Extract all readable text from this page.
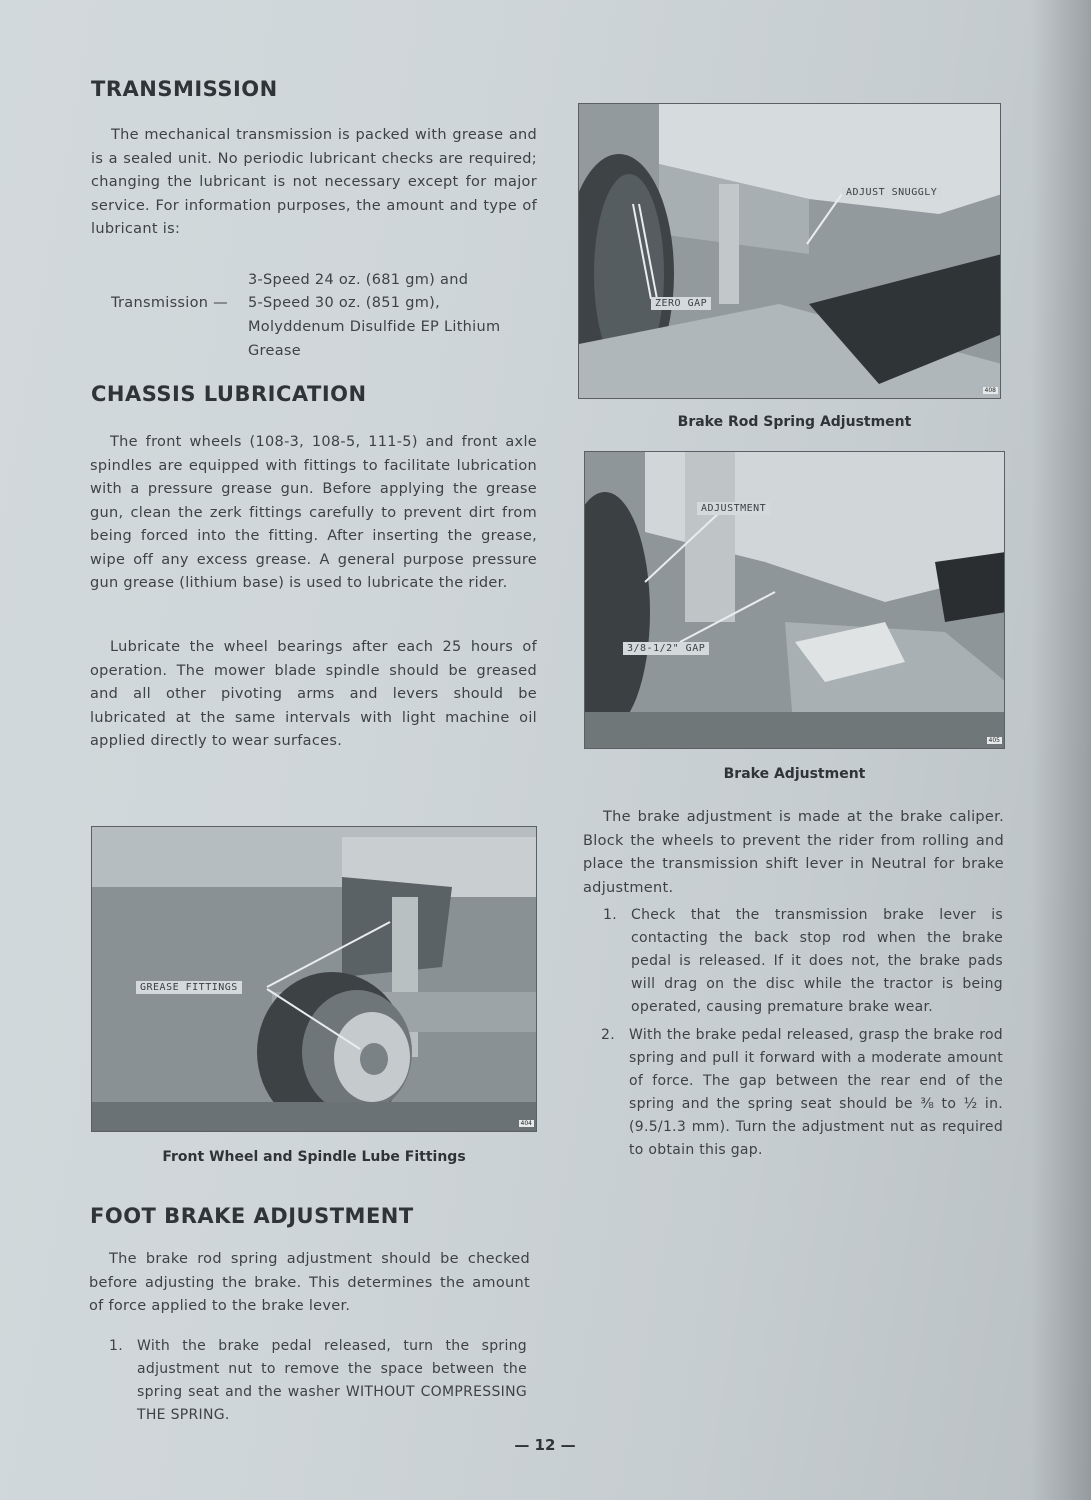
TRANSMISSION
The mechanical transmission is packed with grease and is a sealed unit. No periodic lubricant checks are required; changing the lubricant is not necessary except for major service. For information purposes, the amount and type of lubricant is:
Transmission —
3-Speed 24 oz. (681 gm) and
5-Speed 30 oz. (851 gm), Molyddenum Disulfide EP Lithium Grease
CHASSIS LUBRICATION
The front wheels (108-3, 108-5, 111-5) and front axle spindles are equipped with fittings to facilitate lubrication with a pressure grease gun. Before applying the grease gun, clean the zerk fittings carefully to prevent dirt from being forced into the fitting. After inserting the grease, wipe off any excess grease. A general purpose pressure gun grease (lithium base) is used to lubricate the rider.
Lubricate the wheel bearings after each 25 hours of operation. The mower blade spindle should be greased and all other pivoting arms and levers should be lubricated at the same intervals with light machine oil applied directly to wear surfaces.
GREASE FITTINGS
404
Front Wheel and Spindle Lube Fittings
FOOT BRAKE ADJUSTMENT
The brake rod spring adjustment should be checked before adjusting the brake. This determines the amount of force applied to the brake lever.
1. With the brake pedal released, turn the spring adjustment nut to remove the space between the spring seat and the washer WITHOUT COMPRESSING THE SPRING.
ADJUST SNUGGLY
ZERO GAP
408
Brake Rod Spring Adjustment
ADJUSTMENT
3/8-1/2" GAP
405
Brake Adjustment
The brake adjustment is made at the brake caliper. Block the wheels to prevent the rider from rolling and place the transmission shift lever in Neutral for brake adjustment.
1. Check that the transmission brake lever is contacting the back stop rod when the brake pedal is released. If it does not, the brake pads will drag on the disc while the tractor is being operated, causing premature brake wear.
2. With the brake pedal released, grasp the brake rod spring and pull it forward with a moderate amount of force. The gap between the rear end of the spring and the spring seat should be ⅜ to ½ in. (9.5/1.3 mm). Turn the adjustment nut as required to obtain this gap.
— 12 —
